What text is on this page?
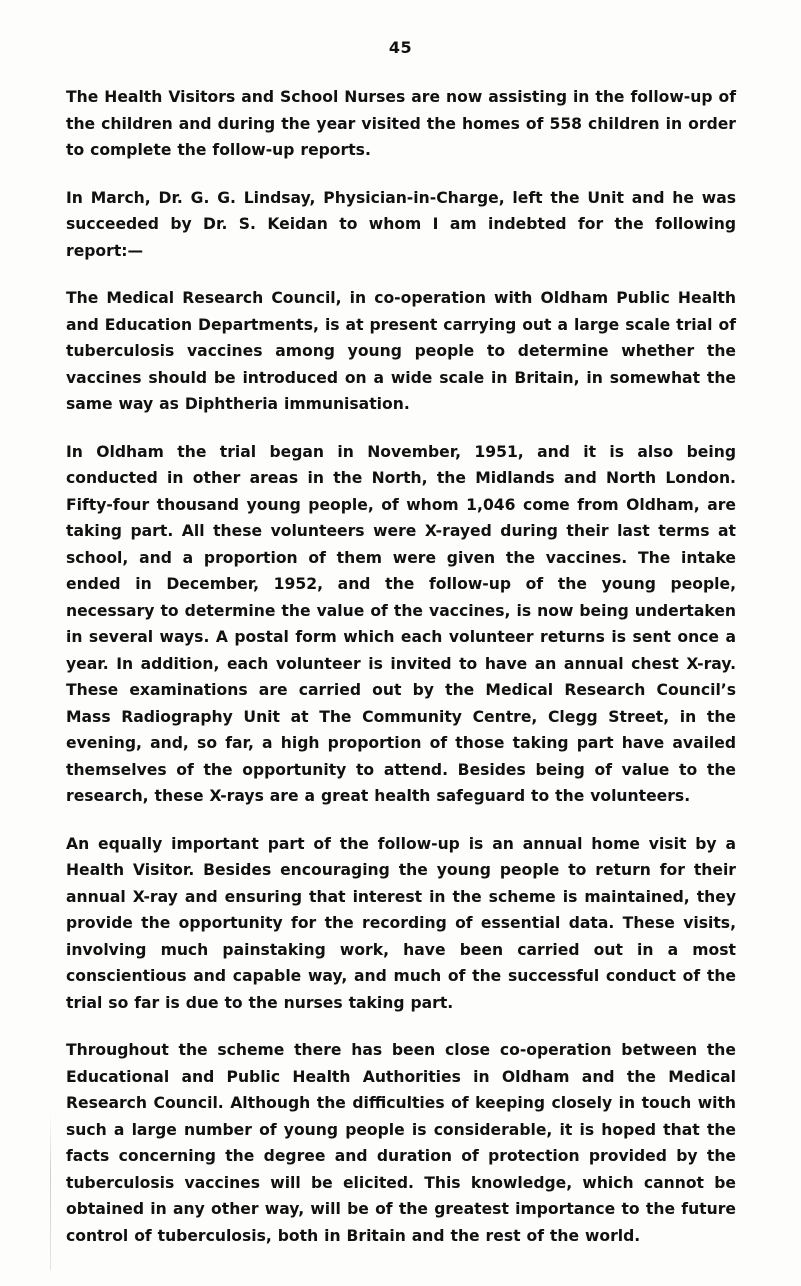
45

The Health Visitors and School Nurses are now assisting in the follow-up of the children and during the year visited the homes of 558 children in order to complete the follow-up reports.

In March, Dr. G. G. Lindsay, Physician-in-Charge, left the Unit and he was succeeded by Dr. S. Keidan to whom I am indebted for the following report:—

The Medical Research Council, in co-operation with Oldham Public Health and Education Departments, is at present carrying out a large scale trial of tuberculosis vaccines among young people to determine whether the vaccines should be introduced on a wide scale in Britain, in somewhat the same way as Diphtheria immunisation.

In Oldham the trial began in November, 1951, and it is also being conducted in other areas in the North, the Midlands and North London. Fifty-four thousand young people, of whom 1,046 come from Oldham, are taking part. All these volunteers were X-rayed during their last terms at school, and a proportion of them were given the vaccines. The intake ended in December, 1952, and the follow-up of the young people, necessary to determine the value of the vaccines, is now being undertaken in several ways. A postal form which each volunteer returns is sent once a year. In addition, each volunteer is invited to have an annual chest X-ray. These examinations are carried out by the Medical Research Council’s Mass Radiography Unit at The Community Centre, Clegg Street, in the evening, and, so far, a high proportion of those taking part have availed themselves of the opportunity to attend. Besides being of value to the research, these X-rays are a great health safeguard to the volunteers.

An equally important part of the follow-up is an annual home visit by a Health Visitor. Besides encouraging the young people to return for their annual X-ray and ensuring that interest in the scheme is maintained, they provide the opportunity for the recording of essential data. These visits, involving much painstaking work, have been carried out in a most conscientious and capable way, and much of the successful conduct of the trial so far is due to the nurses taking part.

Throughout the scheme there has been close co-operation between the Educational and Public Health Authorities in Oldham and the Medical Research Council. Although the difficulties of keeping closely in touch with such a large number of young people is considerable, it is hoped that the facts concerning the degree and duration of protection provided by the tuberculosis vaccines will be elicited. This knowledge, which cannot be obtained in any other way, will be of the greatest importance to the future control of tuberculosis, both in Britain and the rest of the world.
